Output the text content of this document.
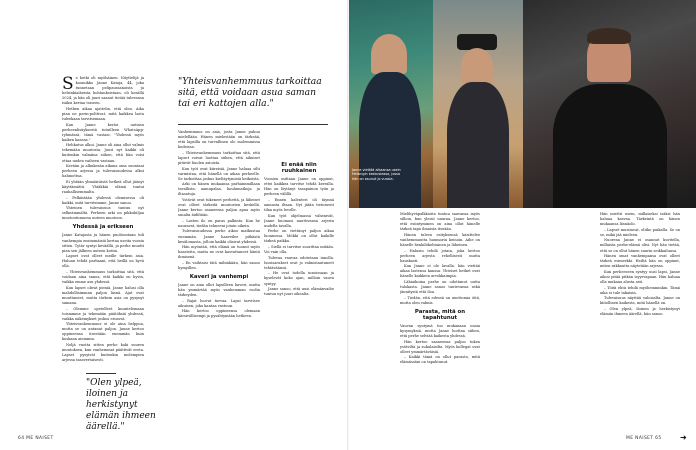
Se hetki oli myöhäinen. Näyttelijä ja koomikko Janne Kataja, 44, joka tunnetaan pelipaussanoista ja helsinkiaiheista kohtauksistaan, oli kesällä 2024, ja hän oli juuri saanut tietää tulevansa isäksi kertaa toiseen.

Hetken aikaa ajattelin, että olen. Aika pian ne perin-polttivat, mitä kaikkea lasta tuleekaan tarvitsemaan.

Kun Janne kertoi uutisen perheenlisäyksestä tutuilleen WhatsApp-ryhmässä, tämä vastasi: "Yhdessä myös kaiken kanssa."

Hehkutus alkoi. Janne oli aina ollut valmis tekemään muutosta. Juuri nyt kaikki oli kuitenkin valmiina siihen, että hän voisi ottaa uuden vaiheen vastaan.

Kevään ja alkukesän aikana oma suuntani perheen arjessa ja tulevaisuudessa alkoi hahmottua.

Ei yhtään ylimääräistä hetkeä ollut jäänyt käyttämättä. Yhtäkkiä elämä tuntui rauhallisemmalta.

– Pelkästään yhdessä olemisessa oli kaikki, mitä tarvitsimme, Janne sanoo.

Yhteinen tulevaisuus tuntuu nyt selkeämmältä. Perheen arki on pikkuhiljaa muotoutumassa uuteen muotoon.

Yhdessä ja erikseen

Janne Katajasta ja hänen puolisostaan tuli vanhempia ensimmäistä kertaa useita vuosia sitten. Tytär syntyi keväällä, ja perhe muutti pian sen jälkeen uuteen kotiin.

Lapset ovat olleet meille tärkein asia. Haluan tehdä parhaani, että heillä on hyvä olla.

– Yhteisvanhemmuus tarkoittaa sitä, että voidaan aina sanoa, että kaikki on hyvin, vaikka emme asu yhdessä.

Kun lapset olivat pieniä, Janne halusi olla mahdollisimman paljon läsnä. Ajat ovat muuttuneet, mutta tärkein asia on pysynyt samana.

– Olemme opetelleet kuuntelemaan toisiamme ja tekemään päätöksiä yhdessä, vaikka näkemykset joskus eroavat.

Yhteisvanhemmuus ei ole aina helppoa, mutta se on antanut paljon. Janne kertoo oppineensa itsestään enemmän kuin koskaan aiemmin.

Neljä vuotta sitten perhe koki suuren muutoksen, kun vanhemmat päättivät erota. Lapset pysyivät kuitenkin molempien arjessa tasavertaisesti.

"Olen ylpeä, iloinen ja herkistynyt elämän ihmeen äärellä."
"Yhteisvanhemmuus tarkoittaa sitä, että voidaan asua saman tai eri kattojen alla."

Vanhemmuus on asia, josta Janne puhuu mielellään. Hänen mielestään on tärkeää, että lapsilla on turvallinen olo molemmissa kodeissa.

– Yhteisvanhemmuus tarkoittaa sitä, että lapset voivat luottaa siihen, että aikuiset pitävät huolen asioista.

Kun työt ovat kiireisiä, Janne haluaa silti varmistaa, että hänellä on aikaa perheelle. Se tarkoittaa joskus kieltäytymistä keikoista.

Arki on hänen mukaansa parhaimmillaan tavallista: aamupalaa, koulumatkoja ja iltasatuja.

Ystävät ovat tukeneet perhettä, ja läheiset ovat olleet tärkeitä muutosten keskellä. Janne kertoo saaneensa paljon apua myös omalta äidiltään.

– Lasten ilo on paras palkinto. Kun he nauravat, tiedän tehneeni jotain oikein.

Tulevaisuudessa perhe aikoo matkustaa enemmän. Janne haaveilee pitkästä kesälomasta, jolloin kaikki olisivat yhdessä.

Hän myöntää, että elämä on tuonut myös haasteita, mutta ne ovat kasvattaneet häntä ihmisenä.

– En vaihtaisi tätä mihinkään, hän sanoo hymyillen.

Kaveri ja vanhempi

Janne on aina ollut lapsilleen kaveri, mutta hän ymmärtää myös vanhemman roolin tärkeyden.

– Rajat luovat turvaa. Lapsi tarvitsee aikuisen, joka kantaa vastuun.

Hän kertoo oppineensa olemaan kärsivällisempi ja pysähtymään hetkeen.

Ei enää niin ruuhkainen

Vuosien mittaan Janne on oppinut, ettei kaikkea tarvitse tehdä kerralla. Hän on löytänyt tasapainon työn ja perheen välillä.

– Ennen kalenteri oli täynnä aamusta iltaan. Nyt jätän tietoisesti tilaa myös levolle.

Kun työt ohjelmassa vähenivät, Janne huomasi nauttivansa arjesta uudella tavalla.

Perhe on viettänyt paljon aikaa luonnossa. Mökki on ollut kaikille tärkeä paikka.

– Siellä ei tarvitse suorittaa mitään. Voi vain olla.

Tulevaa vauvaa odotetaan innolla. Isosisarukset ovat jo valmistautuneet tehtäväänsä.

– He ovat todella innoissaan ja kyselevät koko ajan, milloin vauva syntyy.

Janne sanoo, että uusi elämänvaihe tuntuu nyt juuri oikealta.

64 ME NAISET
Janne viettää aikaansa usein Helsingin keskustassa, jossa hän on asunut jo vuosia.

Mielihyväpalkkioita tuntuu saavansa myös silloin, kun yleisö nauraa. Janne kertoo, että esiintyminen on aina ollut hänelle tärkeä tapa ilmaista itseään.

Hänen tuleva esityksensä käsittelee vanhemmuutta huumorin keinoin. Aihe on hänelle henkilökohtainen ja läheinen.

– Halusin tehdä jotain, joka kertoo perheen arjesta rehellisesti mutta hauskasti.

Kun Janne ei ole lavalla, hän viettää aikaa lastensa kanssa. Yhteiset hetket ovat hänelle kaikkein arvokkaimpia.

Lähiaikoina perhe on odottanut uutta tulokasta. Janne sanoo tuntevansa sekä jännitystä että iloa.

– Tiedän, että edessä on unettomia öitä, mutta olen valmis.

Parasta, mitä on tapahtunut

Vauvan syntymä tuo mukanaan uusia kysymyksiä, mutta Janne luottaa siihen, että perhe selviää kaikesta yhdessä.

Hän kertoo saaneensa paljon tukea ystäviltä ja sukulaisilta. Myös kollegat ovat olleet ymmärtäväisiä.

– Kaikki tämä on ollut parasta, mitä elämässäni on tapahtunut.

Hän miettii usein, millaiseksi isäksi hän haluaa kasvaa. Tärkeintä on hänen mukaansa läsnäolo.

– Lapset muistavat, olitko paikalla. Se on se, mikä jää mieleen.

Nuorena Janne ei osannut kuvitella, millaista perhe-elämä olisi. Nyt hän tietää, että se on ollut hänen suurin seikkailunsa.

Hänen omat vanhempansa ovat olleet tärkeä esimerkki. Heiltä hän on oppinut, miten rakkautta näytetään arjessa.

Kun perheeseen syntyy uusi lapsi, Janne aikoo pitää pitkän isyysvapaan. Hän haluaa olla mukana alusta asti.

– Töitä ehtii tehdä myöhemminkin. Tämä aika ei tule takaisin.

Tulevaisuus näyttää valoisalta. Janne on kiitollinen kaikesta, mitä hänellä on.

– Olen ylpeä, iloinen ja herkistynyt elämän ihmeen äärellä, hän sanoo.

ME NAISET 65 ➜
